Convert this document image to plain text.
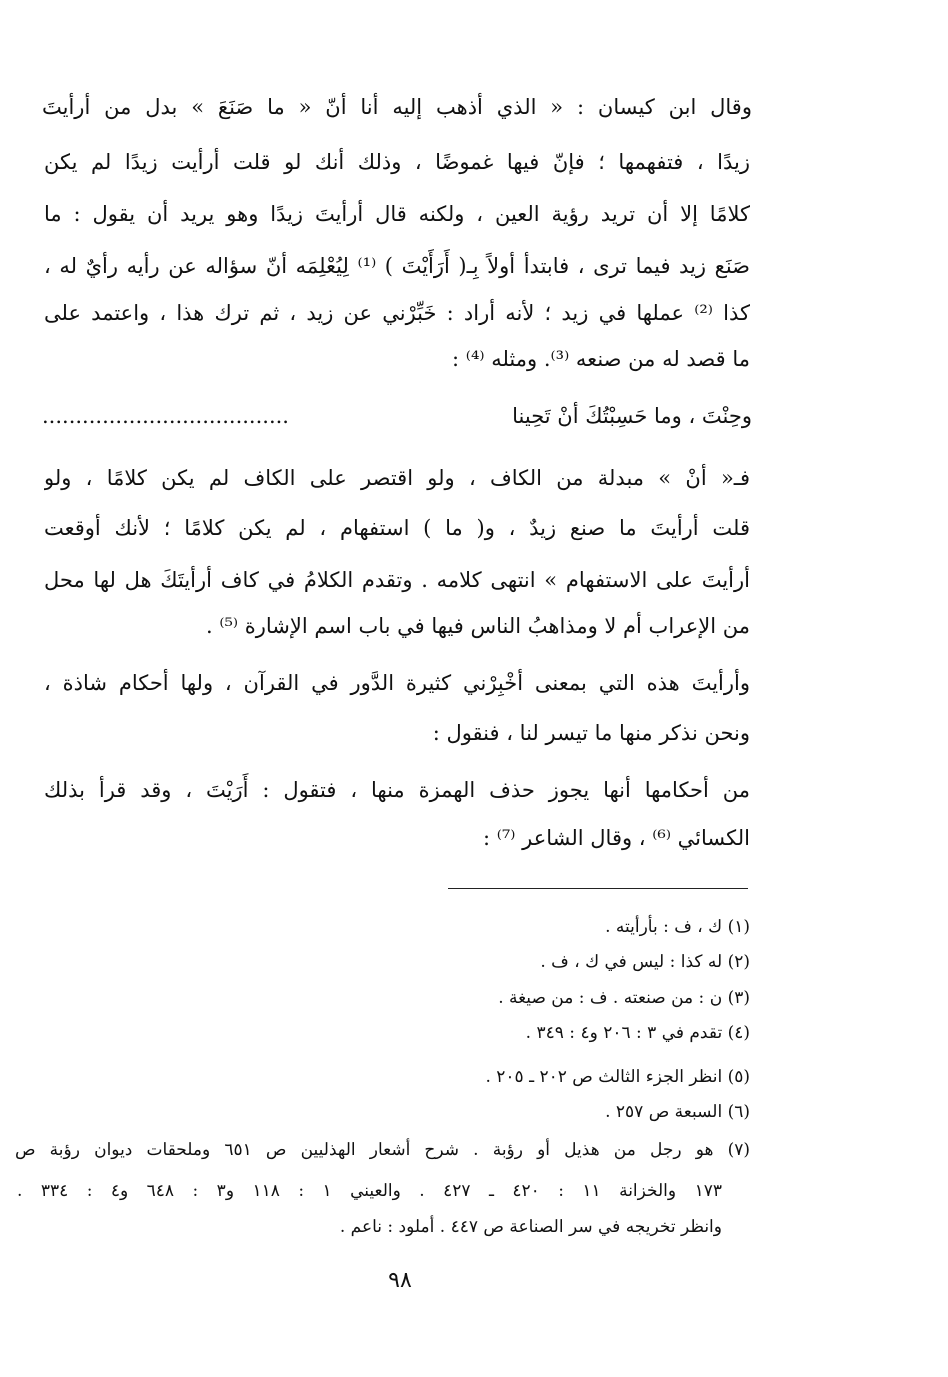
وقال ابن كيسان : « الذي أذهب إليه أنا أنّ « ما صَنَعَ » بدل من أرأيتَ
زيدًا ، فتفهمها ؛ فإنّ فيها غموضًا ، وذلك أنك لو قلت أرأيت زيدًا لم يكن
كلامًا إلا أن تريد رؤية العين ، ولكنه قال أرأيتَ زيدًا وهو يريد أن يقول : ما
صَنَع زيد فيما ترى ، فابتدأ أولاً بِـ( أَرَأَيْتَ ) ⁽¹⁾ لِيُعْلِمَه أنّ سؤاله عن رأيه رأيٌ له ،
كذا ⁽²⁾ عملها في زيد ؛ لأنه أراد : خَبِّرْني عن زيد ، ثم ترك هذا ، واعتمد على
ما قصد له من صنعه ⁽³⁾. ومثله ⁽⁴⁾ :
وحِنْتَ ، وما حَسِبْتُكَ أنْ تَحِينا
.....................................
فـ« أنْ » مبدلة من الكاف ، ولو اقتصر على الكاف لم يكن كلامًا ، ولو
قلت أرأيتَ ما صنع زيدٌ ، و( ما ) استفهام ، لم يكن كلامًا ؛ لأنك أوقعت
أرأيتَ على الاستفهام » انتهى كلامه . وتقدم الكلامُ في كاف أرأيتَكَ هل لها محل
من الإعراب أم لا ومذاهبُ الناس فيها في باب اسم الإشارة ⁽⁵⁾ .
وأرأيتَ هذه التي بمعنى أخْبِرْني كثيرة الدَّور في القرآن ، ولها أحكام شاذة ،
ونحن نذكر منها ما تيسر لنا ، فنقول :
من أحكامها أنها يجوز حذف الهمزة منها ، فتقول : أَرَيْتَ ، وقد قرأ بذلك
الكسائي ⁽⁶⁾ ، وقال الشاعر ⁽⁷⁾ :
(١) ك ، ف : بأرأيته .
(٢) له كذا : ليس في ك ، ف .
(٣) ن : من صنعته . ف : من صيغة .
(٤) تقدم في ٣ : ٢٠٦ و٤ : ٣٤٩ .
(٥) انظر الجزء الثالث ص ٢٠٢ ـ ٢٠٥ .
(٦) السبعة ص ٢٥٧ .
(٧) هو رجل من هذيل أو رؤبة . شرح أشعار الهذليين ص ٦٥١ وملحقات ديوان رؤبة ص
١٧٣ والخزانة ١١ : ٤٢٠ ـ ٤٢٧ . والعيني ١ : ١١٨ و٣ : ٦٤٨ و٤ : ٣٣٤ .
وانظر تخريجه في سر الصناعة ص ٤٤٧ . أملود : ناعم .
٩٨
